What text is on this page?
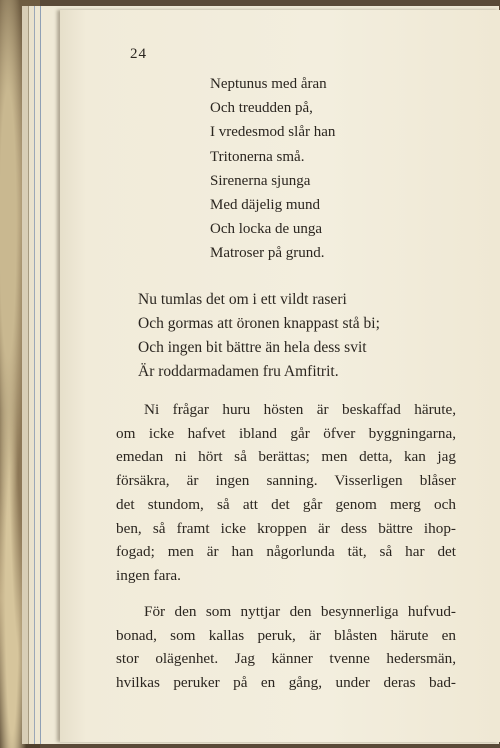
24
Neptunus med åran
Och treudden på,
I vredesmod slår han
Tritonerna små.
Sirenerna sjunga
Med däjelig mund
Och locka de unga
Matroser på grund.
Nu tumlas det om i ett vildt raseri
Och gormas att öronen knappast stå bi;
Och ingen bit bättre än hela dess svit
Är roddarmadamen fru Amfitrit.
Ni frågar huru hösten är beskaffad härute,
om icke hafvet ibland går öfver byggningarna,
emedan ni hört så berättas; men detta, kan jag
försäkra, är ingen sanning. Visserligen blåser
det stundom, så att det går genom merg och
ben, så framt icke kroppen är dess bättre ihop-
fogad; men är han någorlunda tät, så har det
ingen fara.
För den som nyttjar den besynnerliga hufvud-
bonad, som kallas peruk, är blåsten härute en
stor olägenhet. Jag känner tvenne hedersmän,
hvilkas peruker på en gång, under deras bad-
